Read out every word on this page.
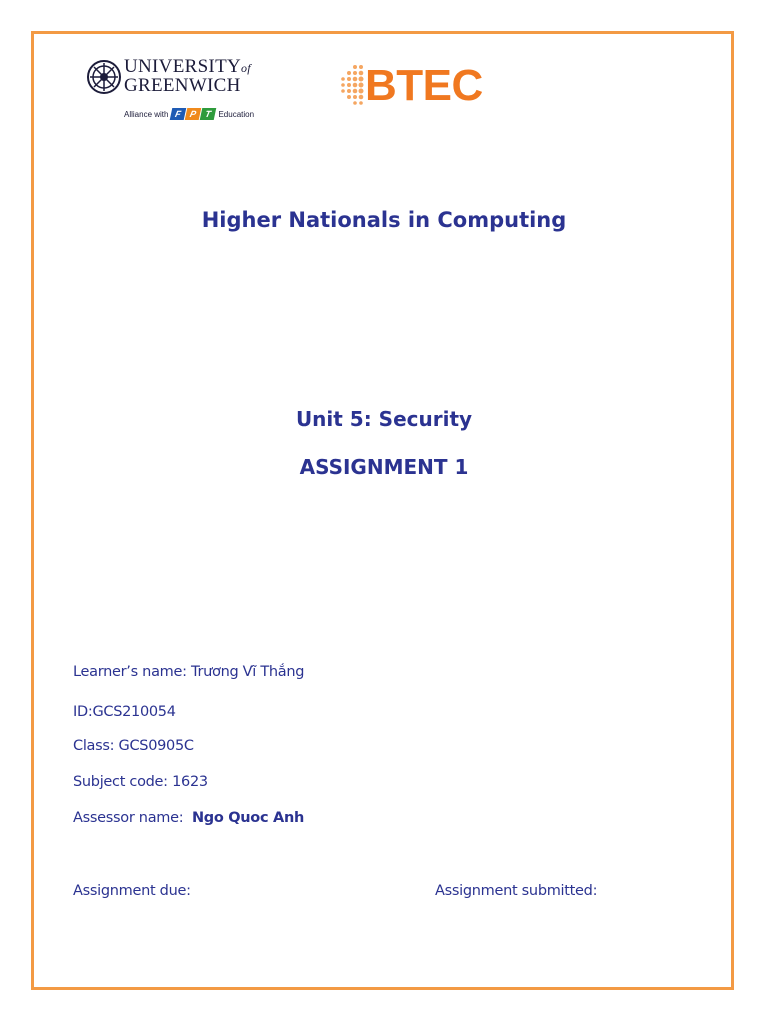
UNIVERSITYof
GREENWICH
Alliance with F P T Education
BTEC
Higher Nationals in Computing
Unit 5: Security
ASSIGNMENT 1
Learner’s name: Trương Vĩ Thắng
ID:GCS210054
Class: GCS0905C
Subject code: 1623
Assessor name: Ngo Quoc Anh
Assignment due:	Assignment submitted:
